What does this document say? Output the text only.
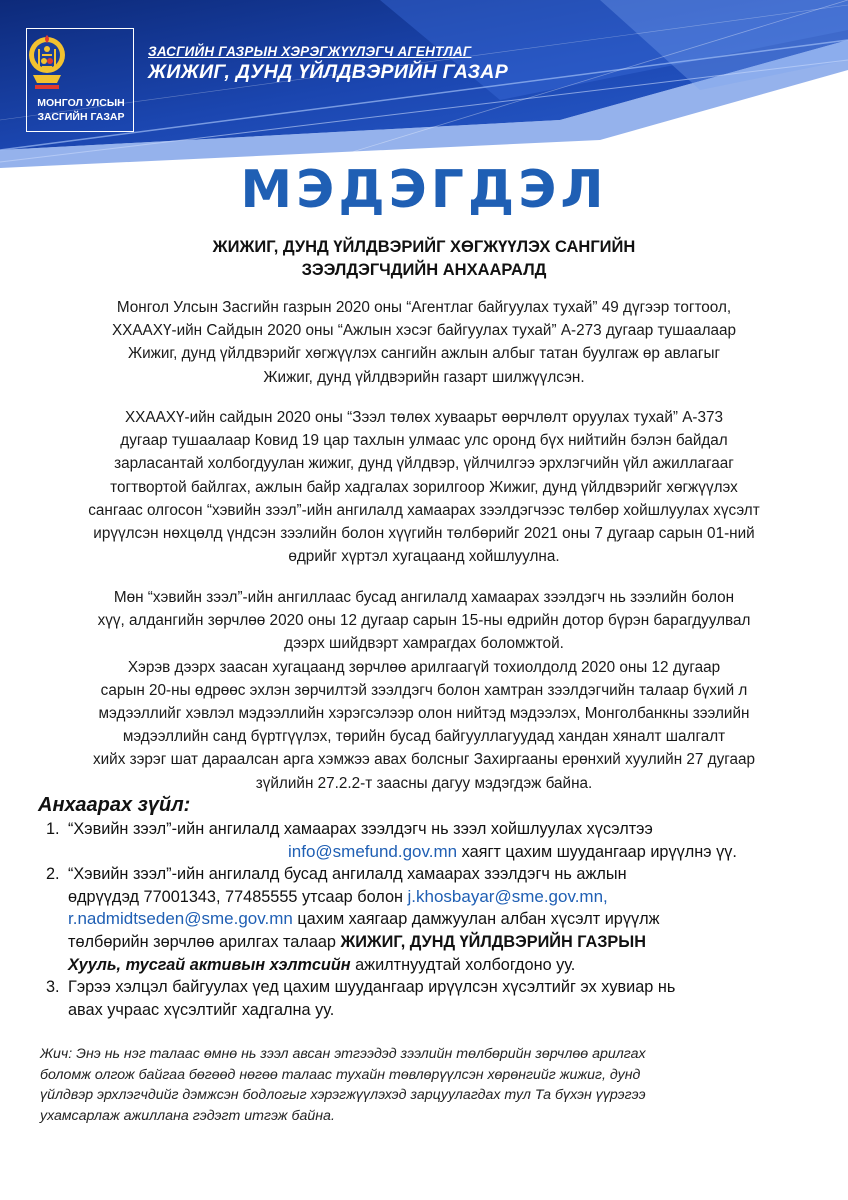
МОНГОЛ УЛСЫН
ЗАСГИЙН ГАЗАР
ЗАСГИЙН ГАЗРЫН ХЭРЭГЖҮҮЛЭГЧ АГЕНТЛАГ
ЖИЖИГ, ДУНД ҮЙЛДВЭРИЙН ГАЗАР
МЭДЭГДЭЛ
ЖИЖИГ, ДУНД ҮЙЛДВЭРИЙГ ХӨГЖҮҮЛЭХ САНГИЙН
ЗЭЭЛДЭГЧДИЙН АНХААРАЛД
Монгол Улсын Засгийн газрын 2020 оны “Агентлаг байгуулах тухай” 49 дүгээр тогтоол,
ХХААХҮ-ийн Сайдын 2020 оны “Ажлын хэсэг байгуулах тухай” А-273 дугаар тушаалаар
Жижиг, дунд үйлдвэрийг хөгжүүлэх сангийн ажлын албыг татан буулгаж өр авлагыг
Жижиг, дунд үйлдвэрийн газарт шилжүүлсэн.
ХХААХҮ-ийн сайдын 2020 оны “Зээл төлөх хуваарьт өөрчлөлт оруулах тухай” А-373
дугаар тушаалаар Ковид 19 цар тахлын улмаас улс оронд бүх нийтийн бэлэн байдал
зарласантай холбогдуулан жижиг, дунд үйлдвэр, үйлчилгээ эрхлэгчийн үйл ажиллагааг
тогтвортой байлгах, ажлын байр хадгалах зорилгоор Жижиг, дунд үйлдвэрийг хөгжүүлэх
сангаас олгосон “хэвийн зээл”-ийн ангилалд хамаарах зээлдэгчээс төлбөр хойшлуулах хүсэлт
ирүүлсэн нөхцөлд үндсэн зээлийн болон хүүгийн төлбөрийг 2021 оны 7 дугаар сарын 01-ний
өдрийг хүртэл хугацаанд хойшлуулна.
Мөн “хэвийн зээл”-ийн ангиллаас бусад ангилалд хамаарах зээлдэгч нь зээлийн болон
хүү, алдангийн зөрчлөө 2020 оны 12 дугаар сарын 15-ны өдрийн дотор бүрэн барагдуулвал
дээрх шийдвэрт хамрагдах боломжтой.
Хэрэв дээрх заасан хугацаанд зөрчлөө арилгаагүй тохиолдолд 2020 оны 12 дугаар
сарын 20-ны өдрөөс эхлэн зөрчилтэй зээлдэгч болон хамтран зээлдэгчийн талаар бүхий л
мэдээллийг хэвлэл мэдээллийн хэрэгсэлээр олон нийтэд мэдээлэх, Монголбанкны зээлийн
мэдээллийн санд бүртгүүлэх, төрийн бусад байгууллагуудад хандан хяналт шалгалт
хийх зэрэг шат дараалсан арга хэмжээ авах болсныг Захиргааны ерөнхий хуулийн 27 дугаар
зүйлийн 27.2.2-т заасны дагуу мэдэгдэж байна.
Анхаарах зүйл:
1. “Хэвийн зээл”-ийн ангилалд хамаарах зээлдэгч нь зээл хойшлуулах хүсэлтээ
info@smefund.gov.mn хаягт цахим шуудангаар ирүүлнэ үү.
2. “Хэвийн зээл”-ийн ангилалд бусад ангилалд хамаарах зээлдэгч нь ажлын
өдрүүдэд 77001343, 77485555 утсаар болон j.khosbayar@sme.gov.mn,
r.nadmidtseden@sme.gov.mn цахим хаягаар дамжуулан албан хүсэлт ирүүлж
төлбөрийн зөрчлөө арилгах талаар ЖИЖИГ, ДУНД ҮЙЛДВЭРИЙН ГАЗРЫН
Хууль, тусгай активын хэлтсийн ажилтнуудтай холбогдоно уу.
3. Гэрээ хэлцэл байгуулах үед цахим шуудангаар ирүүлсэн хүсэлтийг эх хувиар нь
авах учраас хүсэлтийг хадгална уу.
Жич: Энэ нь нэг талаас өмнө нь зээл авсан этгээдэд зээлийн төлбөрийн зөрчлөө арилгах
боломж олгож байгаа бөгөөд нөгөө талаас тухайн төвлөрүүлсэн хөрөнгийг жижиг, дунд
үйлдвэр эрхлэгчдийг дэмжсэн бодлогыг хэрэгжүүлэхэд зарцуулагдах тул Та бүхэн үүрэгээ
ухамсарлаж ажиллана гэдэгт итгэж байна.
